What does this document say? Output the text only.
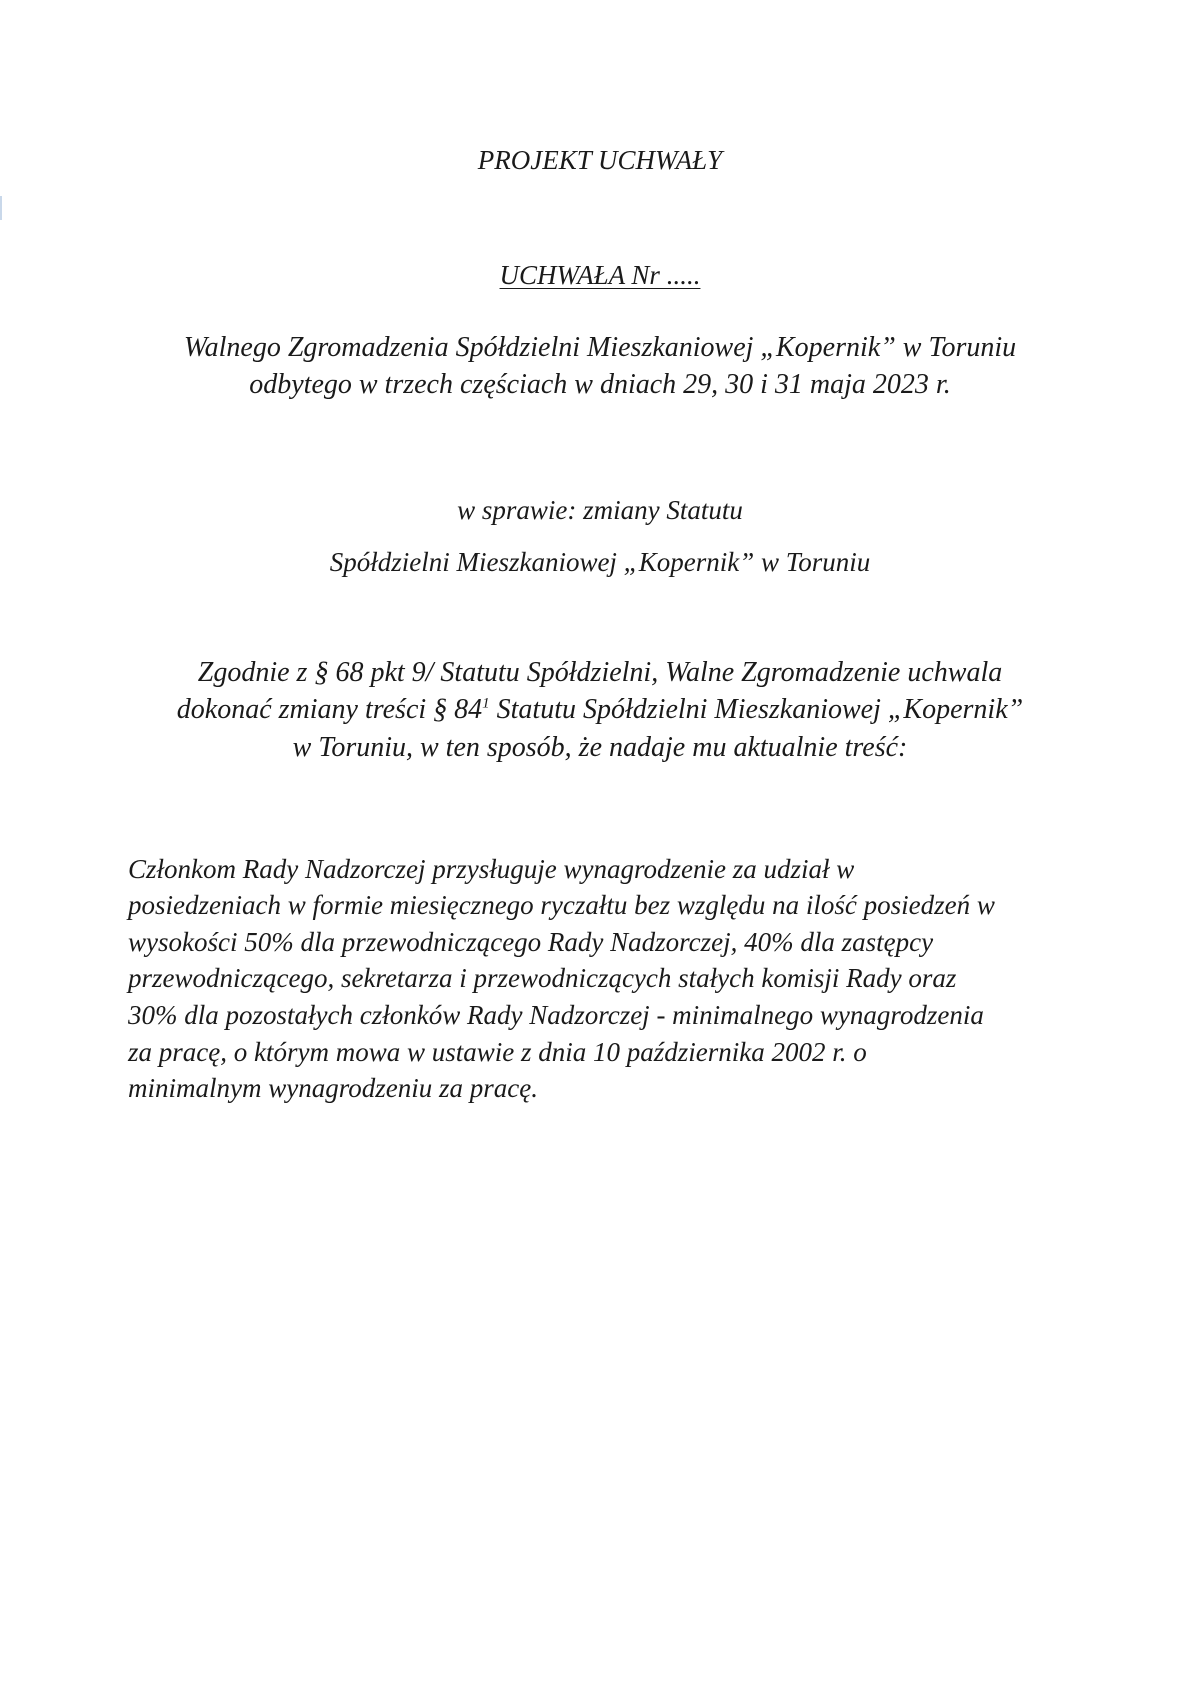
PROJEKT UCHWAŁY
UCHWAŁA Nr .....
Walnego Zgromadzenia Spółdzielni Mieszkaniowej „Kopernik” w Toruniu
odbytego w trzech częściach w dniach 29, 30 i 31 maja 2023 r.
w sprawie: zmiany Statutu
Spółdzielni Mieszkaniowej „Kopernik” w Toruniu
Zgodnie z § 68 pkt 9/ Statutu Spółdzielni, Walne Zgromadzenie uchwala
dokonać zmiany treści § $84^1$ Statutu Spółdzielni Mieszkaniowej „Kopernik”
w Toruniu, w ten sposób, że nadaje mu aktualnie treść:
Członkom Rady Nadzorczej przysługuje wynagrodzenie za udział w
posiedzeniach w formie miesięcznego ryczałtu bez względu na ilość posiedzeń w
wysokości 50% dla przewodniczącego Rady Nadzorczej, 40% dla zastępcy
przewodniczącego, sekretarza i przewodniczących stałych komisji Rady oraz
30% dla pozostałych członków Rady Nadzorczej - minimalnego wynagrodzenia
za pracę, o którym mowa w ustawie z dnia 10 października 2002 r. o
minimalnym wynagrodzeniu za pracę.
